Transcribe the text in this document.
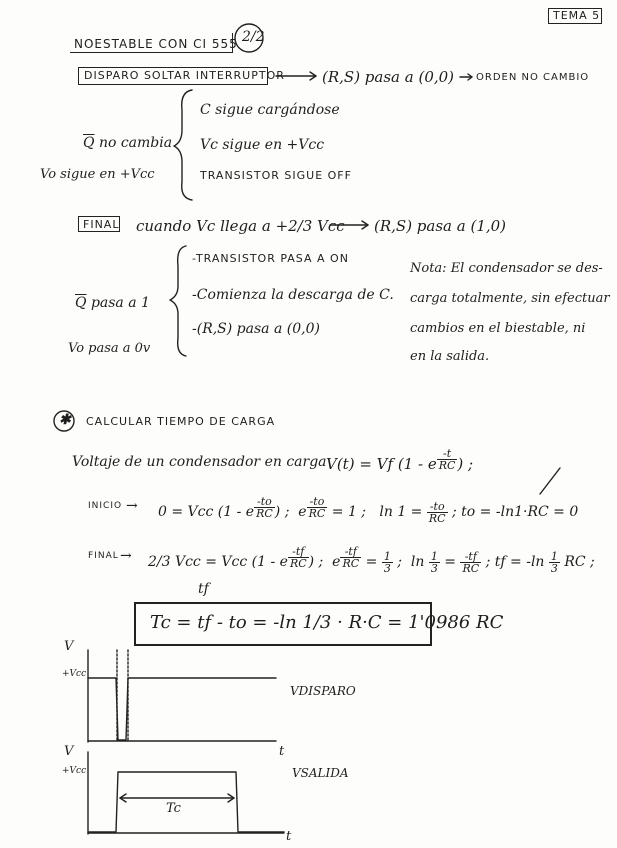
TEMA 5
NOESTABLE CON CI 555 2/2
DISPARO SOLTAR INTERRUPTOR (R,S) pasa a (0,0) ORDEN NO CAMBIO
$\overline{Q}$ no cambia
Vo sigue en +Vcc
C sigue cargándose
Vc sigue en +Vcc
TRANSISTOR SIGUE OFF
FINAL cuando Vc llega a +2/3 Vcc (R,S) pasa a (1,0)
-TRANSISTOR PASA A ON
-Comienza la descarga de C.
-(R,S) pasa a (0,0)
$\overline{Q}$ pasa a 1
Vo pasa a 0v
Nota: El condensador se des-
carga totalmente, sin efectuar
cambios en el biestable, ni
en la salida.
✱ CALCULAR TIEMPO DE CARGA
Voltaje de un condensador en carga V(t) = Vf (1 - e $^{\frac{-t}{RC}}$ ) ;
INICIO → 0 = Vcc (1 - e $^{\frac{-to}{RC}}$ ) ;  e $^{\frac{-to}{RC}}$ = 1 ;   $\ln 1 = \frac{-to}{RC}$ ; to = -ln1·RC = 0
FINAL → 2/3 Vcc = Vcc (1 - e $^{\frac{-tf}{RC}}$ ) ;  e $^{\frac{-tf}{RC}} = \frac{1}{3}$ ;  $\ln \frac{1}{3} = \frac{-tf}{RC}$ ; tf = $-\ln \frac{1}{3}$ RC ;
tf
Tc = tf - to = -ln 1/3 · R·C = 1'0986 RC
V
+Vcc
VDISPARO
V
+Vcc
t
VSALIDA
Tc
t
